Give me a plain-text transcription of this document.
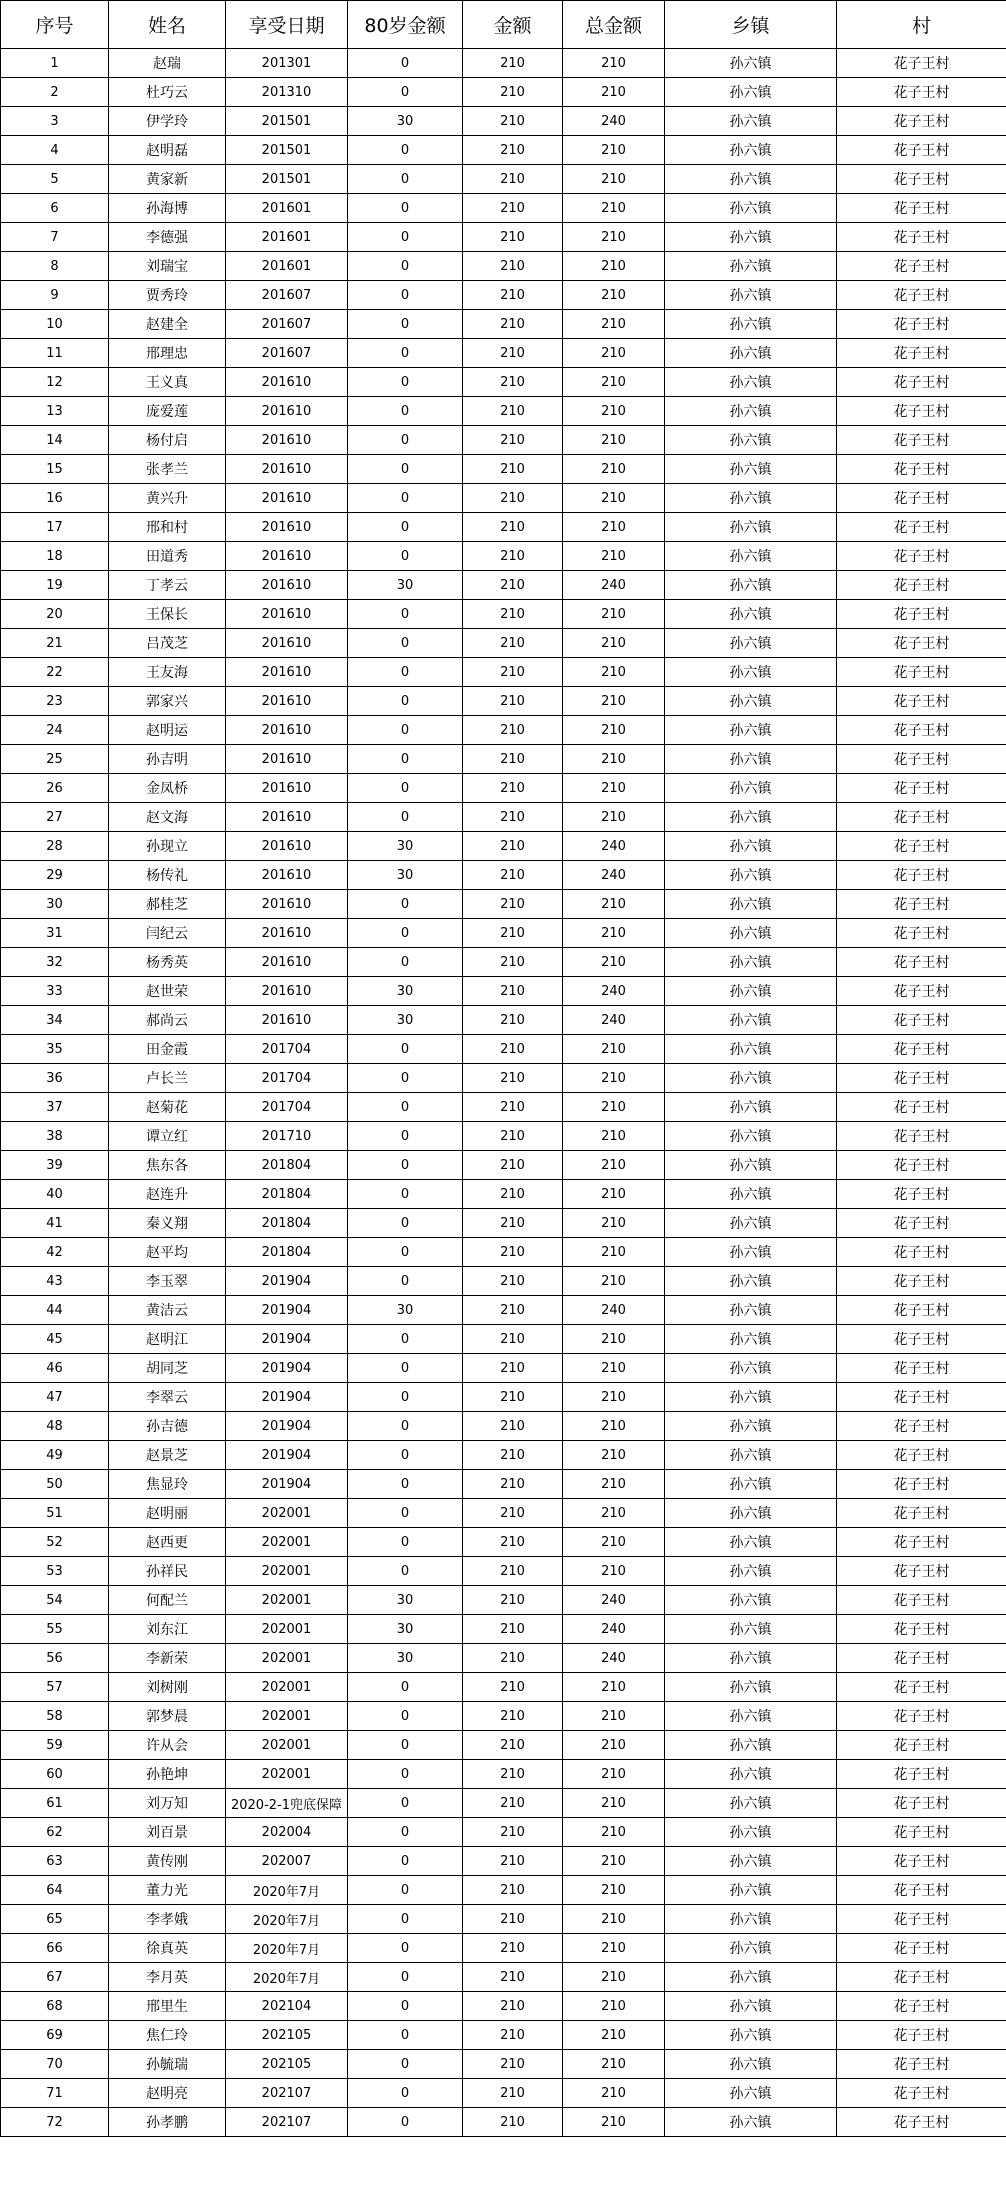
序号	姓名	享受日期	80岁金额	金额	总金额	乡镇	村
1	赵瑞	201301	0	210	210	孙六镇	花子王村
2	杜巧云	201310	0	210	210	孙六镇	花子王村
3	伊学玲	201501	30	210	240	孙六镇	花子王村
4	赵明磊	201501	0	210	210	孙六镇	花子王村
5	黄家新	201501	0	210	210	孙六镇	花子王村
6	孙海博	201601	0	210	210	孙六镇	花子王村
7	李德强	201601	0	210	210	孙六镇	花子王村
8	刘瑞宝	201601	0	210	210	孙六镇	花子王村
9	贾秀玲	201607	0	210	210	孙六镇	花子王村
10	赵建全	201607	0	210	210	孙六镇	花子王村
11	邢理忠	201607	0	210	210	孙六镇	花子王村
12	王义真	201610	0	210	210	孙六镇	花子王村
13	庞爱莲	201610	0	210	210	孙六镇	花子王村
14	杨付启	201610	0	210	210	孙六镇	花子王村
15	张孝兰	201610	0	210	210	孙六镇	花子王村
16	黄兴升	201610	0	210	210	孙六镇	花子王村
17	邢和村	201610	0	210	210	孙六镇	花子王村
18	田道秀	201610	0	210	210	孙六镇	花子王村
19	丁孝云	201610	30	210	240	孙六镇	花子王村
20	王保长	201610	0	210	210	孙六镇	花子王村
21	吕茂芝	201610	0	210	210	孙六镇	花子王村
22	王友海	201610	0	210	210	孙六镇	花子王村
23	郭家兴	201610	0	210	210	孙六镇	花子王村
24	赵明运	201610	0	210	210	孙六镇	花子王村
25	孙吉明	201610	0	210	210	孙六镇	花子王村
26	金凤桥	201610	0	210	210	孙六镇	花子王村
27	赵文海	201610	0	210	210	孙六镇	花子王村
28	孙现立	201610	30	210	240	孙六镇	花子王村
29	杨传礼	201610	30	210	240	孙六镇	花子王村
30	郝桂芝	201610	0	210	210	孙六镇	花子王村
31	闫纪云	201610	0	210	210	孙六镇	花子王村
32	杨秀英	201610	0	210	210	孙六镇	花子王村
33	赵世荣	201610	30	210	240	孙六镇	花子王村
34	郝尚云	201610	30	210	240	孙六镇	花子王村
35	田金霞	201704	0	210	210	孙六镇	花子王村
36	卢长兰	201704	0	210	210	孙六镇	花子王村
37	赵菊花	201704	0	210	210	孙六镇	花子王村
38	谭立红	201710	0	210	210	孙六镇	花子王村
39	焦东各	201804	0	210	210	孙六镇	花子王村
40	赵连升	201804	0	210	210	孙六镇	花子王村
41	秦义翔	201804	0	210	210	孙六镇	花子王村
42	赵平均	201804	0	210	210	孙六镇	花子王村
43	李玉翠	201904	0	210	210	孙六镇	花子王村
44	黄洁云	201904	30	210	240	孙六镇	花子王村
45	赵明江	201904	0	210	210	孙六镇	花子王村
46	胡同芝	201904	0	210	210	孙六镇	花子王村
47	李翠云	201904	0	210	210	孙六镇	花子王村
48	孙吉德	201904	0	210	210	孙六镇	花子王村
49	赵景芝	201904	0	210	210	孙六镇	花子王村
50	焦显玲	201904	0	210	210	孙六镇	花子王村
51	赵明丽	202001	0	210	210	孙六镇	花子王村
52	赵西更	202001	0	210	210	孙六镇	花子王村
53	孙祥民	202001	0	210	210	孙六镇	花子王村
54	何配兰	202001	30	210	240	孙六镇	花子王村
55	刘东江	202001	30	210	240	孙六镇	花子王村
56	李新荣	202001	30	210	240	孙六镇	花子王村
57	刘树刚	202001	0	210	210	孙六镇	花子王村
58	郭梦晨	202001	0	210	210	孙六镇	花子王村
59	许从会	202001	0	210	210	孙六镇	花子王村
60	孙艳坤	202001	0	210	210	孙六镇	花子王村
61	刘万知	2020-2-1兜底保障	0	210	210	孙六镇	花子王村
62	刘百景	202004	0	210	210	孙六镇	花子王村
63	黄传刚	202007	0	210	210	孙六镇	花子王村
64	董力光	2020年7月	0	210	210	孙六镇	花子王村
65	李孝娥	2020年7月	0	210	210	孙六镇	花子王村
66	徐真英	2020年7月	0	210	210	孙六镇	花子王村
67	李月英	2020年7月	0	210	210	孙六镇	花子王村
68	邢里生	202104	0	210	210	孙六镇	花子王村
69	焦仁玲	202105	0	210	210	孙六镇	花子王村
70	孙毓瑞	202105	0	210	210	孙六镇	花子王村
71	赵明亮	202107	0	210	210	孙六镇	花子王村
72	孙孝鹏	202107	0	210	210	孙六镇	花子王村
